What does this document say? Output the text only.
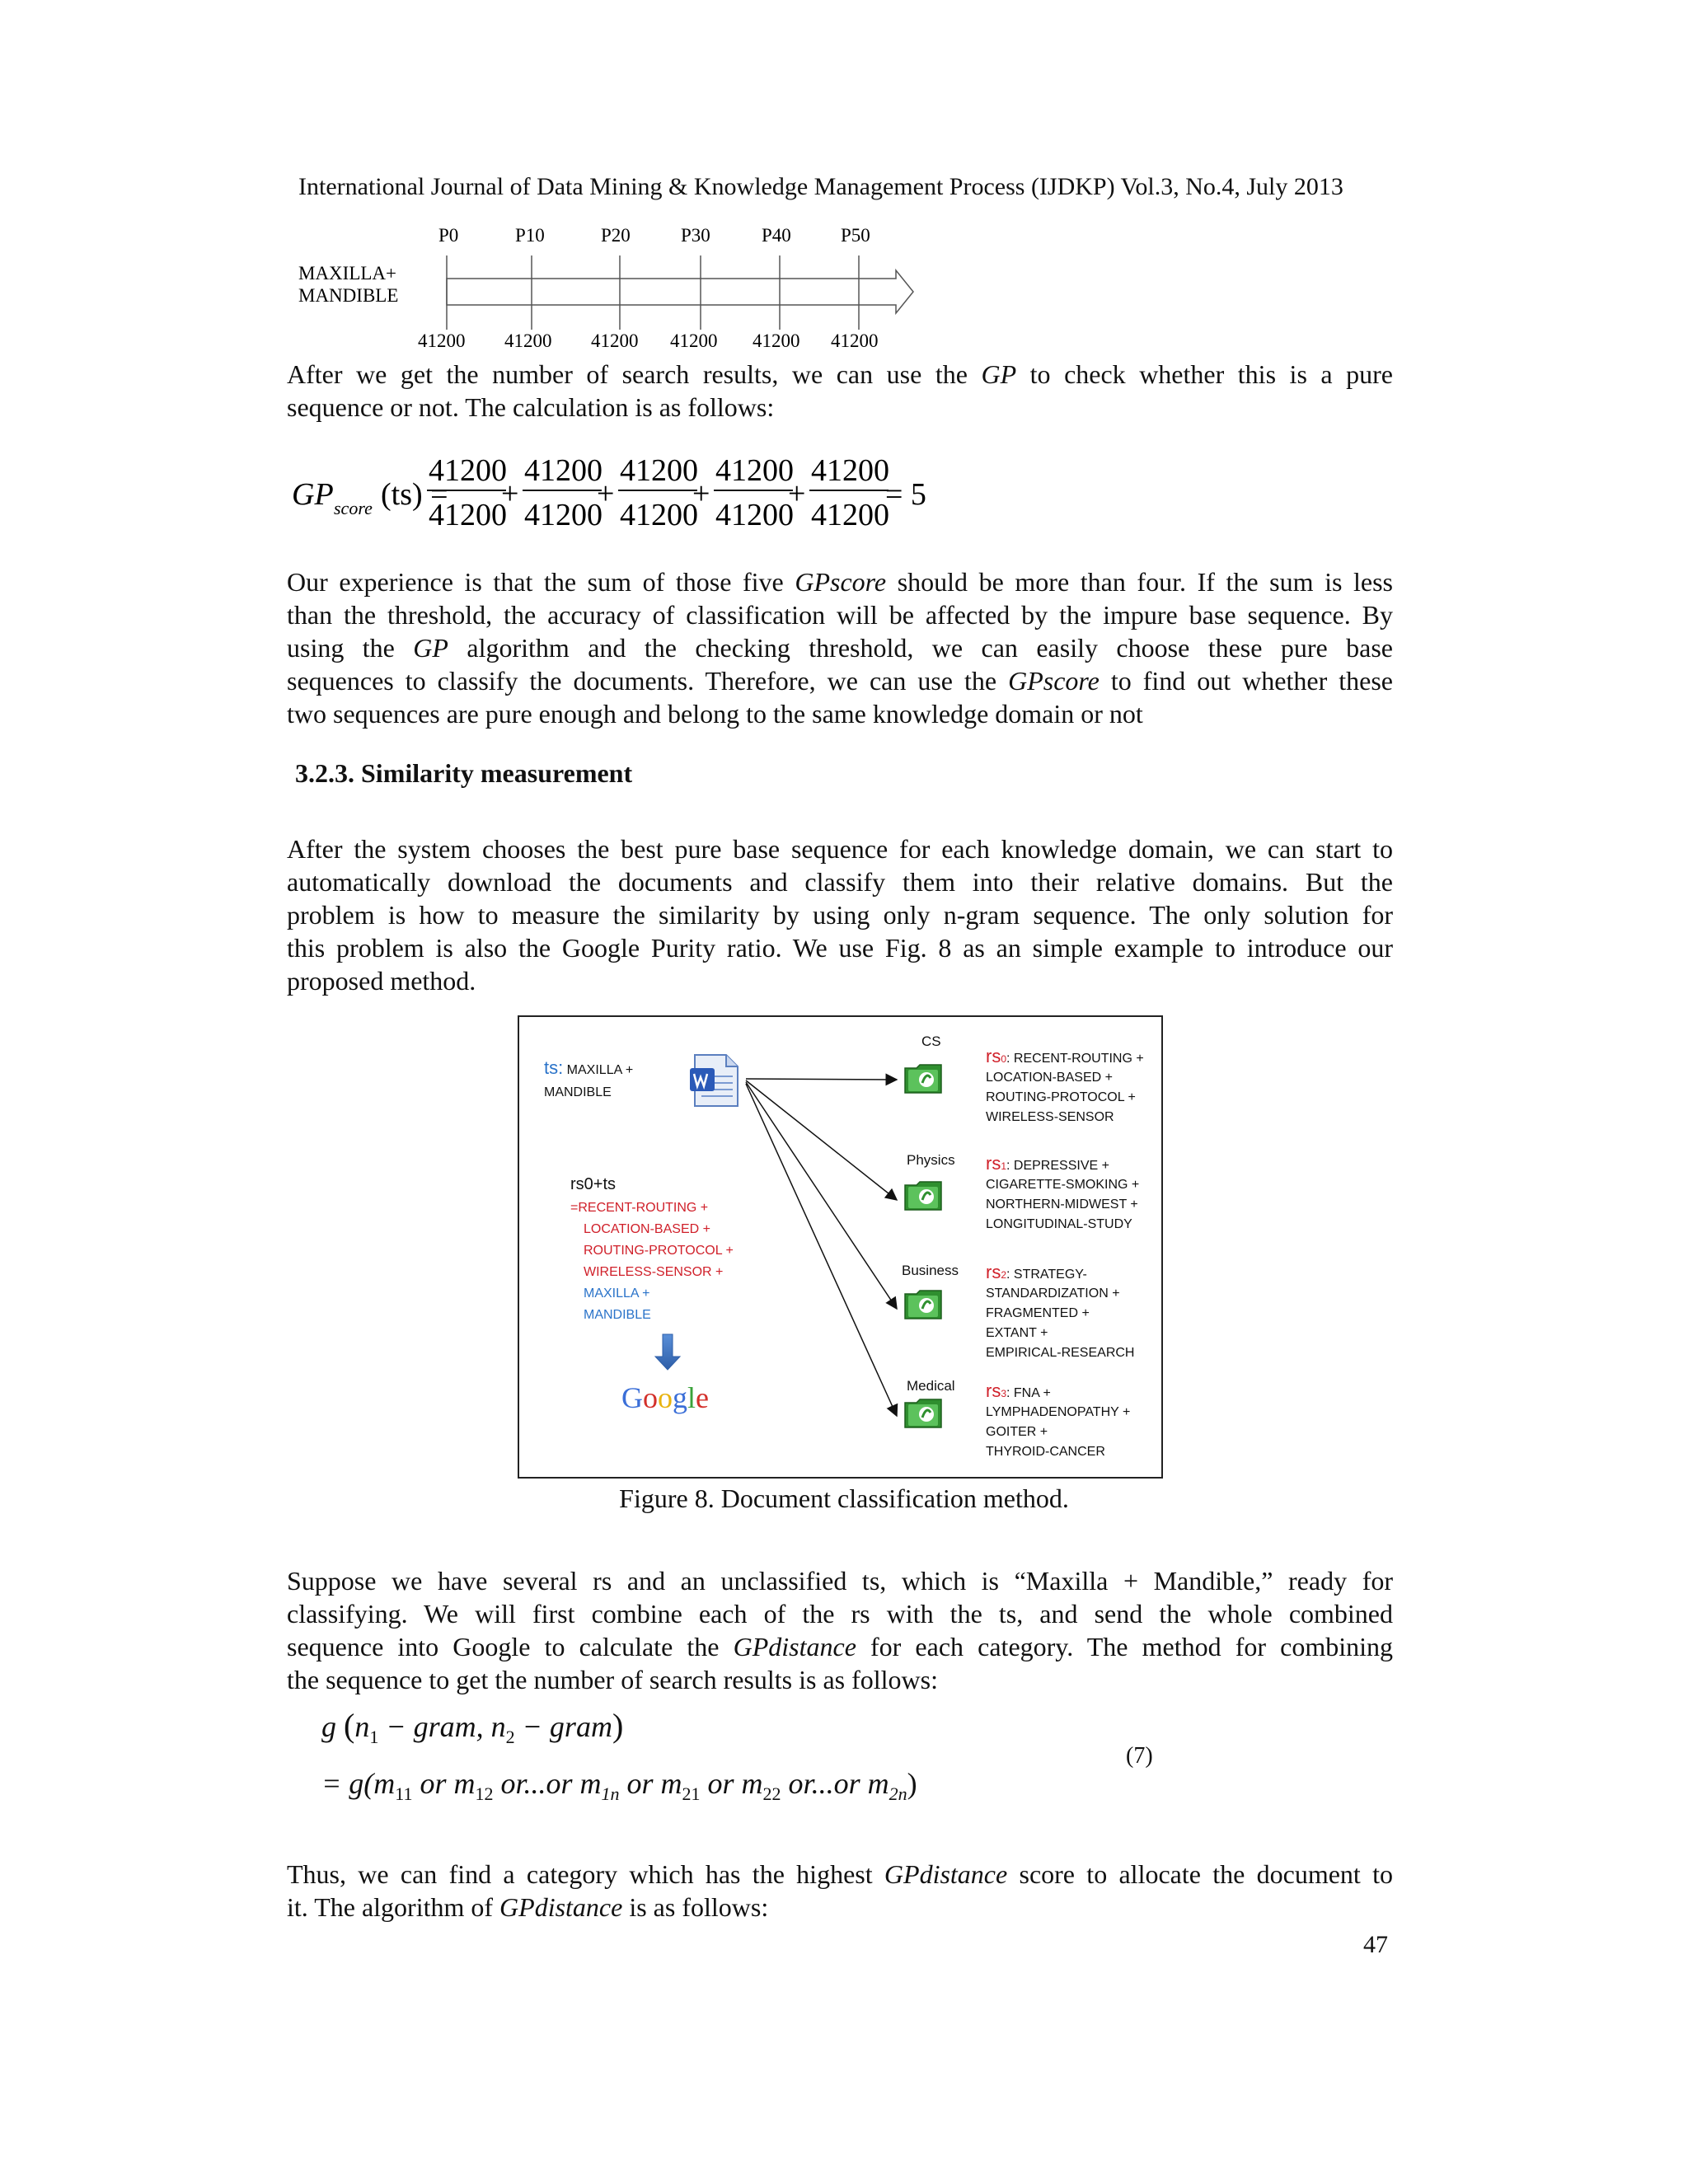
International Journal of Data Mining & Knowledge Management Process (IJDKP) Vol.3, No.4, July 2013
MAXILLA+
MANDIBLE
P0
41200
P10
41200
P20
41200
P30
41200
P40
41200
P50
41200
After we get the number of search results, we can use the GP to check whether this is a pure
sequence or not. The calculation is as follows:
GP score (ts) =
41200
41200
+
41200
41200
+
41200
41200
+
41200
41200
+
41200
41200
= 5
Our experience is that the sum of those five GPscore should be more than four. If the sum is less
than the threshold, the accuracy of classification will be affected by the impure base sequence. By
using the GP algorithm and the checking threshold, we can easily choose these pure base
sequences to classify the documents. Therefore, we can use the GPscore to find out whether these
two sequences are pure enough and belong to the same knowledge domain or not
3.2.3. Similarity measurement
After the system chooses the best pure base sequence for each knowledge domain, we can start to
automatically download the documents and classify them into their relative domains. But the
problem is how to measure the similarity by using only n-gram sequence. The only solution for
this problem is also the Google Purity ratio. We use Fig. 8 as an simple example to introduce our
proposed method.
ts: MAXILLA +
MANDIBLE
rs0+ts
=RECENT-ROUTING +
LOCATION-BASED +
ROUTING-PROTOCOL +
WIRELESS-SENSOR +
MAXILLA +
MANDIBLE
Google
CS
rs0: RECENT-ROUTING +
LOCATION-BASED +
ROUTING-PROTOCOL +
WIRELESS-SENSOR
Physics rs1: DEPRESSIVE +
CIGARETTE-SMOKING +
NORTHERN-MIDWEST +
LONGITUDINAL-STUDY
Business rs2: STRATEGY-
STANDARDIZATION +
FRAGMENTED +
EXTANT +
EMPIRICAL-RESEARCH
Medical rs3: FNA +
LYMPHADENOPATHY +
GOITER +
THYROID-CANCER
Figure 8. Document classification method.
Suppose we have several rs and an unclassified ts, which is “Maxilla + Mandible,” ready for
classifying. We will first combine each of the rs with the ts, and send the whole combined
sequence into Google to calculate the GPdistance for each category. The method for combining
the sequence to get the number of search results is as follows:
g ($n_1$ − gram, $n_2$ − gram)
= $g(m_{11}$ or $m_{12}$ or...or $m_{1n}$ or $m_{21}$ or $m_{22}$ or...or $m_{2n}$)
(7)
Thus, we can find a category which has the highest GPdistance score to allocate the document to
it. The algorithm of GPdistance is as follows:
47
